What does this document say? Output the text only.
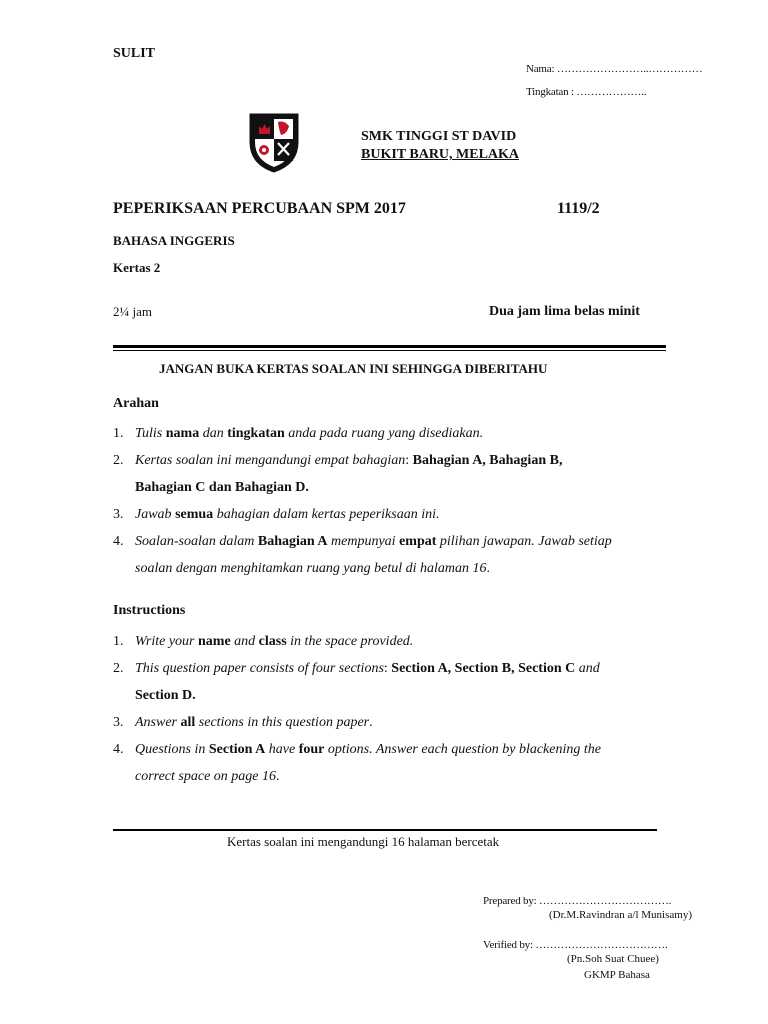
SULIT
Nama: ……………………..……………
Tingkatan : ………………..
SMK TINGGI ST DAVID
BUKIT BARU, MELAKA
PEPERIKSAAN PERCUBAAN SPM 2017	1119/2
BAHASA INGGERIS
Kertas 2
2¼ jam	Dua jam lima belas minit
JANGAN BUKA KERTAS SOALAN INI SEHINGGA DIBERITAHU
Arahan
1. Tulis nama dan tingkatan anda pada ruang yang disediakan.
2. Kertas soalan ini mengandungi empat bahagian: Bahagian A, Bahagian B,
Bahagian C dan Bahagian D.
3. Jawab semua bahagian dalam kertas peperiksaan ini.
4. Soalan-soalan dalam Bahagian A mempunyai empat pilihan jawapan. Jawab setiap
soalan dengan menghitamkan ruang yang betul di halaman 16.
Instructions
1. Write your name and class in the space provided.
2. This question paper consists of four sections: Section A, Section B, Section C and
Section D.
3. Answer all sections in this question paper.
4. Questions in Section A have four options. Answer each question by blackening the
correct space on page 16.
Kertas soalan ini mengandungi 16 halaman bercetak
Prepared by: ……………………………….
(Dr.M.Ravindran a/l Munisamy)
Verified by: ……………………………….
(Pn.Soh Suat Chuee)
GKMP Bahasa
